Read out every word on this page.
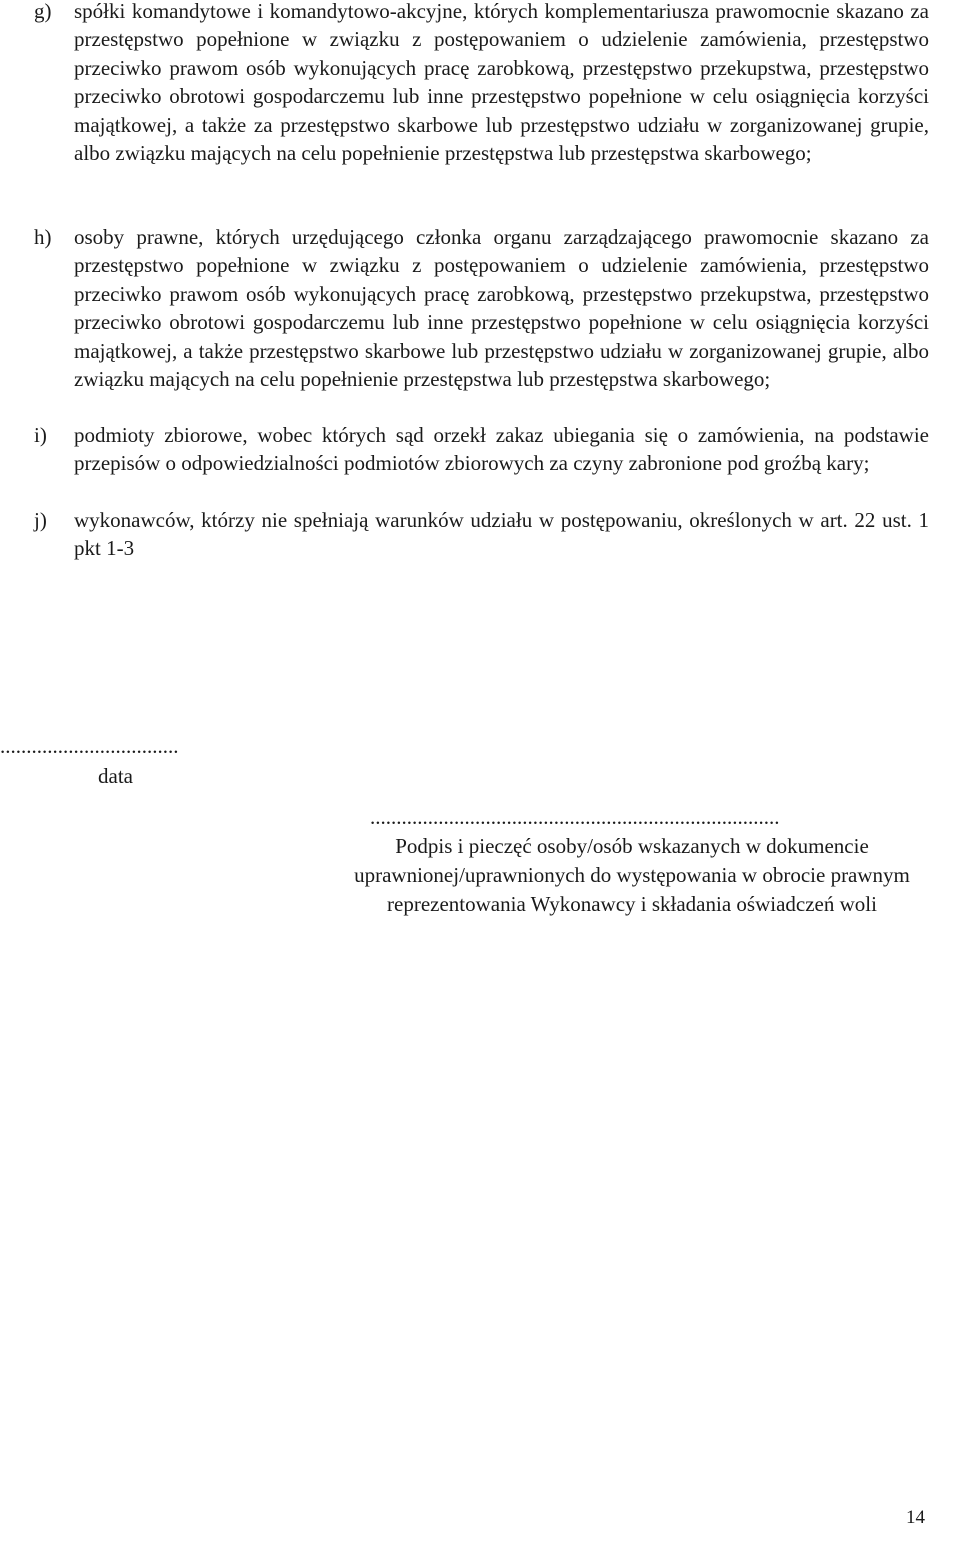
g) spółki komandytowe i komandytowo-akcyjne, których komplementariusza prawomocnie skazano za przestępstwo popełnione w związku z postępowaniem o udzielenie zamówienia, przestępstwo przeciwko prawom osób wykonujących pracę zarobkową, przestępstwo przekupstwa, przestępstwo przeciwko obrotowi gospodarczemu lub inne przestępstwo popełnione w celu osiągnięcia korzyści majątkowej, a także za przestępstwo skarbowe lub przestępstwo udziału w zorganizowanej grupie, albo związku mających na celu popełnienie przestępstwa lub przestępstwa skarbowego;
h) osoby prawne, których urzędującego członka organu zarządzającego prawomocnie skazano za przestępstwo popełnione w związku z postępowaniem o udzielenie zamówienia, przestępstwo przeciwko prawom osób wykonujących pracę zarobkową, przestępstwo przekupstwa, przestępstwo przeciwko obrotowi gospodarczemu lub inne przestępstwo popełnione w celu osiągnięcia korzyści majątkowej, a także przestępstwo skarbowe lub przestępstwo udziału w zorganizowanej grupie, albo związku mających na celu popełnienie przestępstwa lub przestępstwa skarbowego;
i) podmioty zbiorowe, wobec których sąd orzekł zakaz ubiegania się o zamówienia, na podstawie przepisów o odpowiedzialności podmiotów zbiorowych za czyny zabronione pod groźbą kary;
j) wykonawców, którzy nie spełniają warunków udziału w postępowaniu, określonych w art. 22 ust. 1 pkt 1-3
..................................
data
..............................................................................
Podpis i pieczęć osoby/osób wskazanych w dokumencie
uprawnionej/uprawnionych do występowania w obrocie prawnym
reprezentowania Wykonawcy i składania oświadczeń woli
14
